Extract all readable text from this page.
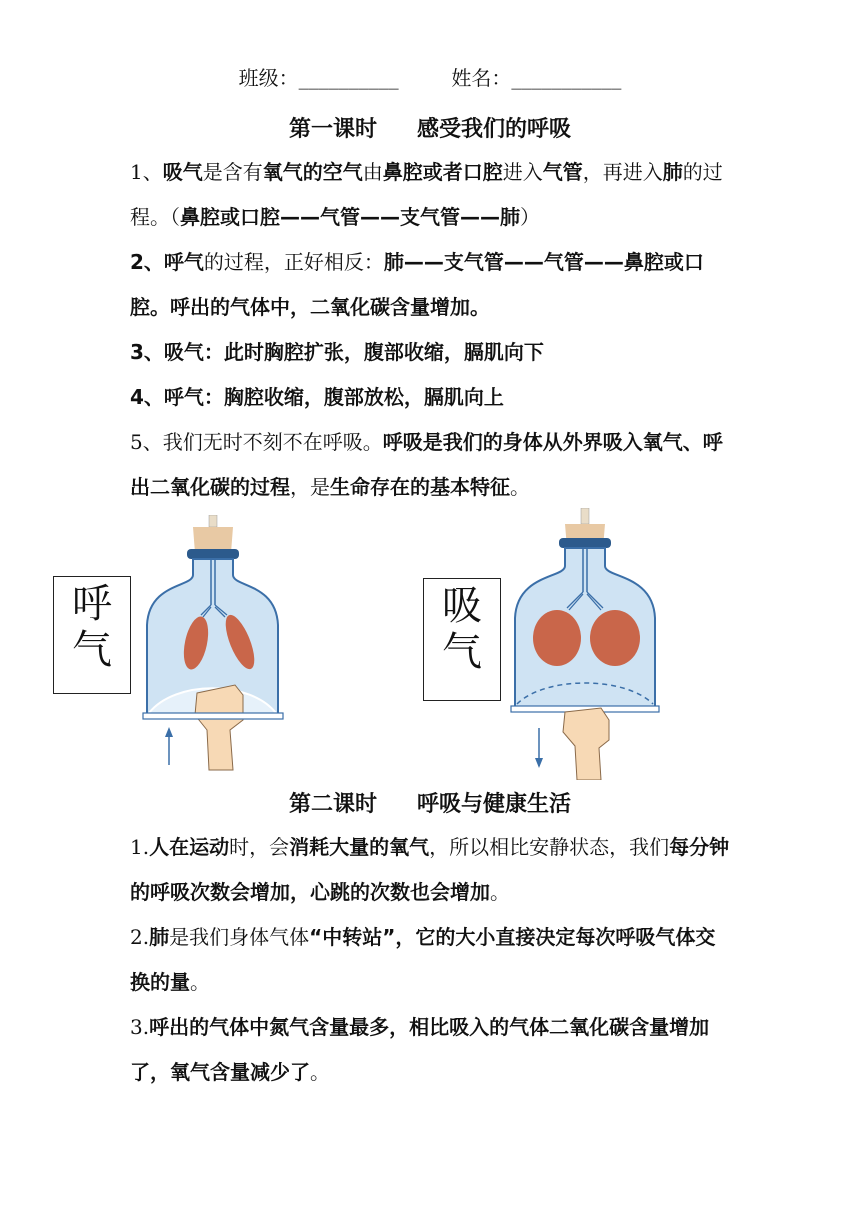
班级：__________	姓名：___________
第一课时 感受我们的呼吸

1、吸气是含有氧气的空气由鼻腔或者口腔进入气管，再进入肺的过程。（鼻腔或口腔——气管——支气管——肺）

2、呼气的过程，正好相反：肺——支气管——气管——鼻腔或口腔。呼出的气体中，二氧化碳含量增加。

3、吸气：此时胸腔扩张，腹部收缩，膈肌向下

4、呼气：胸腔收缩，腹部放松，膈肌向上

5、我们无时不刻不在呼吸。呼吸是我们的身体从外界吸入氧气、呼出二氧化碳的过程，是生命存在的基本特征。

呼气
吸气
第二课时 呼吸与健康生活

1.人在运动时，会消耗大量的氧气，所以相比安静状态，我们每分钟的呼吸次数会增加，心跳的次数也会增加。

2.肺是我们身体气体“中转站”，它的大小直接决定每次呼吸气体交换的量。

3.呼出的气体中氮气含量最多，相比吸入的气体二氧化碳含量增加了，氧气含量减少了。
